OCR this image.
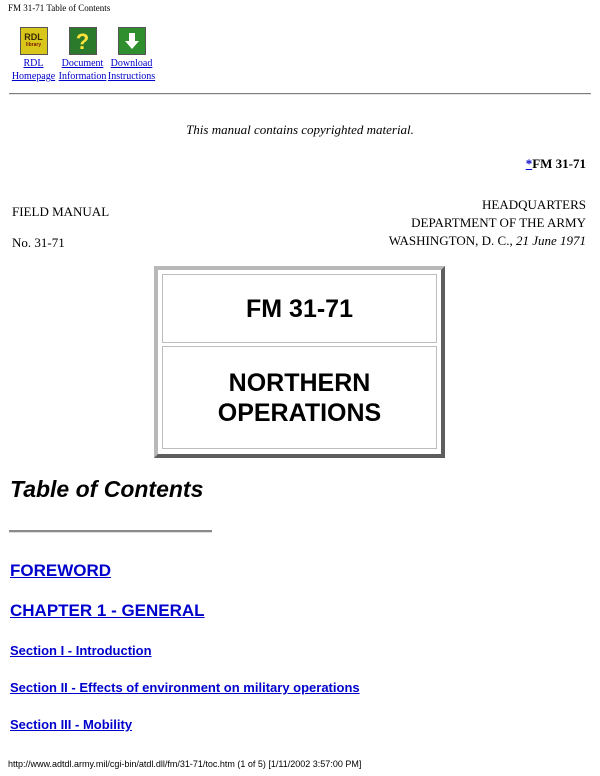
FM 31-71 Table of Contents
RDL
library
RDL
Homepage
?
Document
Information
Download
Instructions
This manual contains copyrighted material.
*FM 31-71
FIELD MANUAL
No. 31-71
HEADQUARTERS
DEPARTMENT OF THE ARMY
WASHINGTON, D. C., 21 June 1971
FM 31-71
NORTHERN
OPERATIONS
Table of Contents
FOREWORD
CHAPTER 1 - GENERAL
Section I - Introduction
Section II - Effects of environment on military operations
Section III - Mobility
http://www.adtdl.army.mil/cgi-bin/atdl.dll/fm/31-71/toc.htm (1 of 5) [1/11/2002 3:57:00 PM]
